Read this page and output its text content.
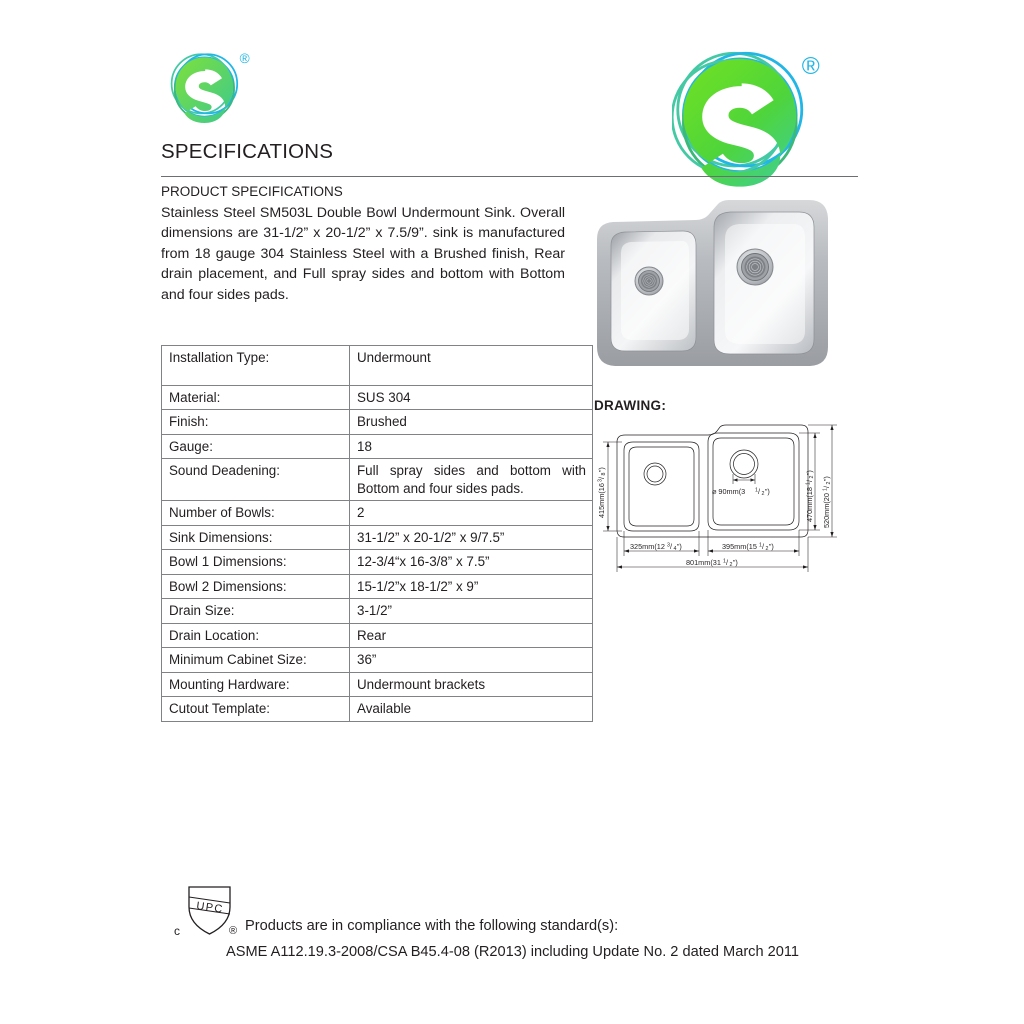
®	®
SPECIFICATIONS
PRODUCT SPECIFICATIONS
Stainless Steel SM503L Double Bowl Undermount Sink. Overall dimensions are 31-1/2” x 20-1/2” x 7.5/9”. sink is manufactured from 18 gauge 304 Stainless Steel with a Brushed finish, Rear drain placement, and Full spray sides and bottom with Bottom and four sides pads.
Installation Type:	Undermount
Material:	SUS 304
Finish:	Brushed
Gauge:	18
Sound Deadening:	Full spray sides and bottom with Bottom and four sides pads.
Number of Bowls:	2
Sink Dimensions:	31-1/2” x 20-1/2” x 9/7.5”
Bowl 1 Dimensions:	12-3/4“x 16-3/8” x 7.5”
Bowl 2 Dimensions:	15-1/2”x 18-1/2” x 9”
Drain Size:	3-1/2”
Drain Location:	Rear
Minimum Cabinet Size:	36”
Mounting Hardware:	Undermount brackets
Cutout Template:	Available
DRAWING:
415mm(16
3
/
8
”)
470mm(18
1
/
2
”)
520mm(20
1
/
2
”)
325mm(12 3 / 4 ”)	395mm(15 1 / 2 ”)
801mm(31 1 / 2 ”)
⌀ 90mm(3 1 / 2 ”)
UPC
c	® Products are in compliance with the following standard(s):
ASME A112.19.3-2008/CSA B45.4-08 (R2013) including Update No. 2 dated March 2011
